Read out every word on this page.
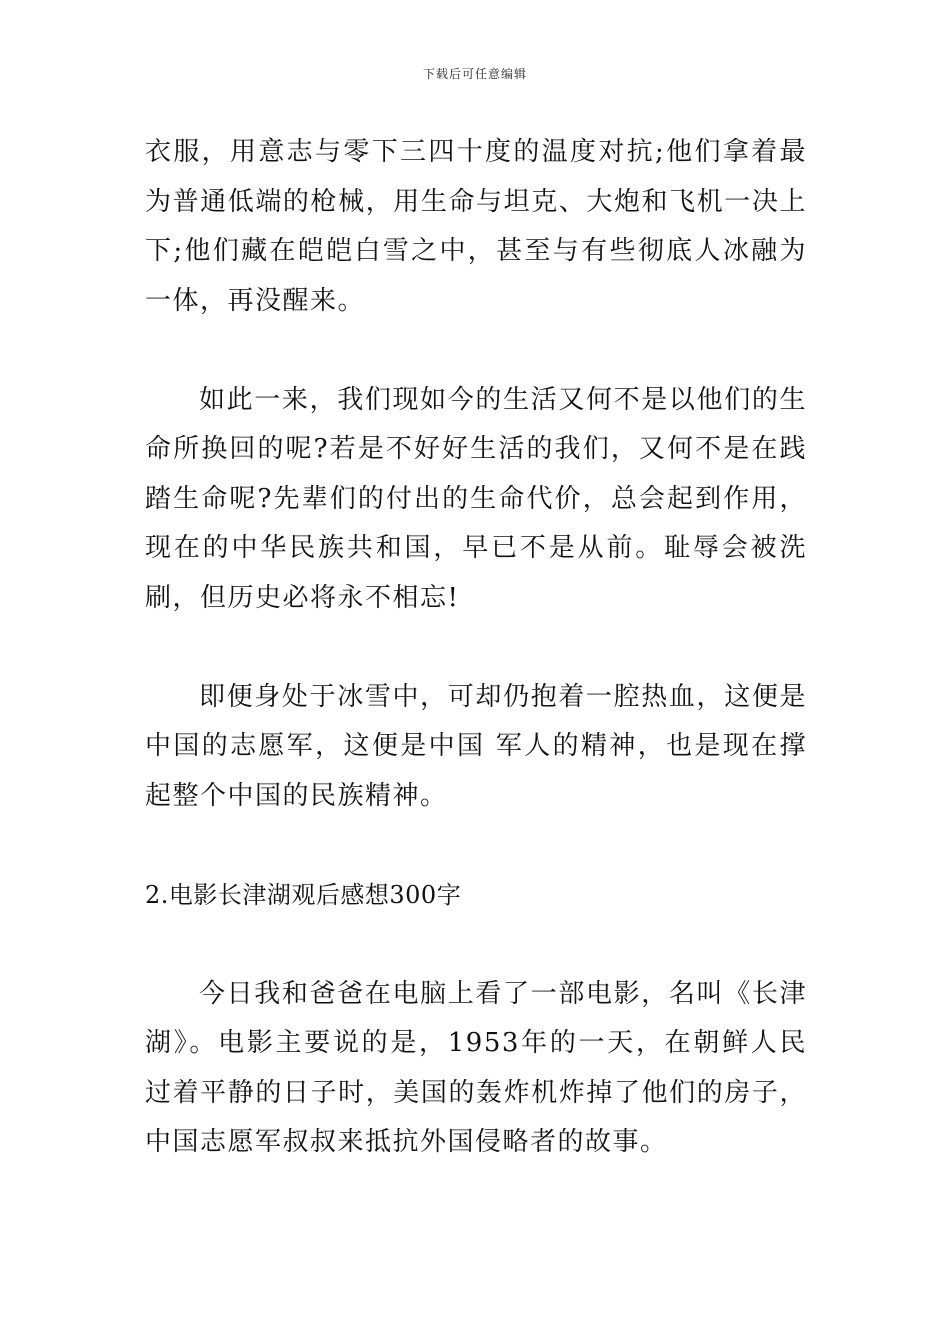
下载后可任意编辑

衣服，用意志与零下三四十度的温度对抗;他们拿着最为普通低端的枪械，用生命与坦克、大炮和飞机一决上下;他们藏在皑皑白雪之中，甚至与有些彻底人冰融为一体，再没醒来。

如此一来，我们现如今的生活又何不是以他们的生命所换回的呢?若是不好好生活的我们，又何不是在践踏生命呢?先辈们的付出的生命代价，总会起到作用，现在的中华民族共和国，早已不是从前。耻辱会被洗刷，但历史必将永不相忘!

即便身处于冰雪中，可却仍抱着一腔热血，这便是中国的志愿军，这便是中国 军人的精神，也是现在撑起整个中国的民族精神。

2.电影长津湖观后感想300字

今日我和爸爸在电脑上看了一部电影，名叫《长津湖》。电影主要说的是，1953年的一天，在朝鲜人民过着平静的日子时，美国的轰炸机炸掉了他们的房子，中国志愿军叔叔来抵抗外国侵略者的故事。
